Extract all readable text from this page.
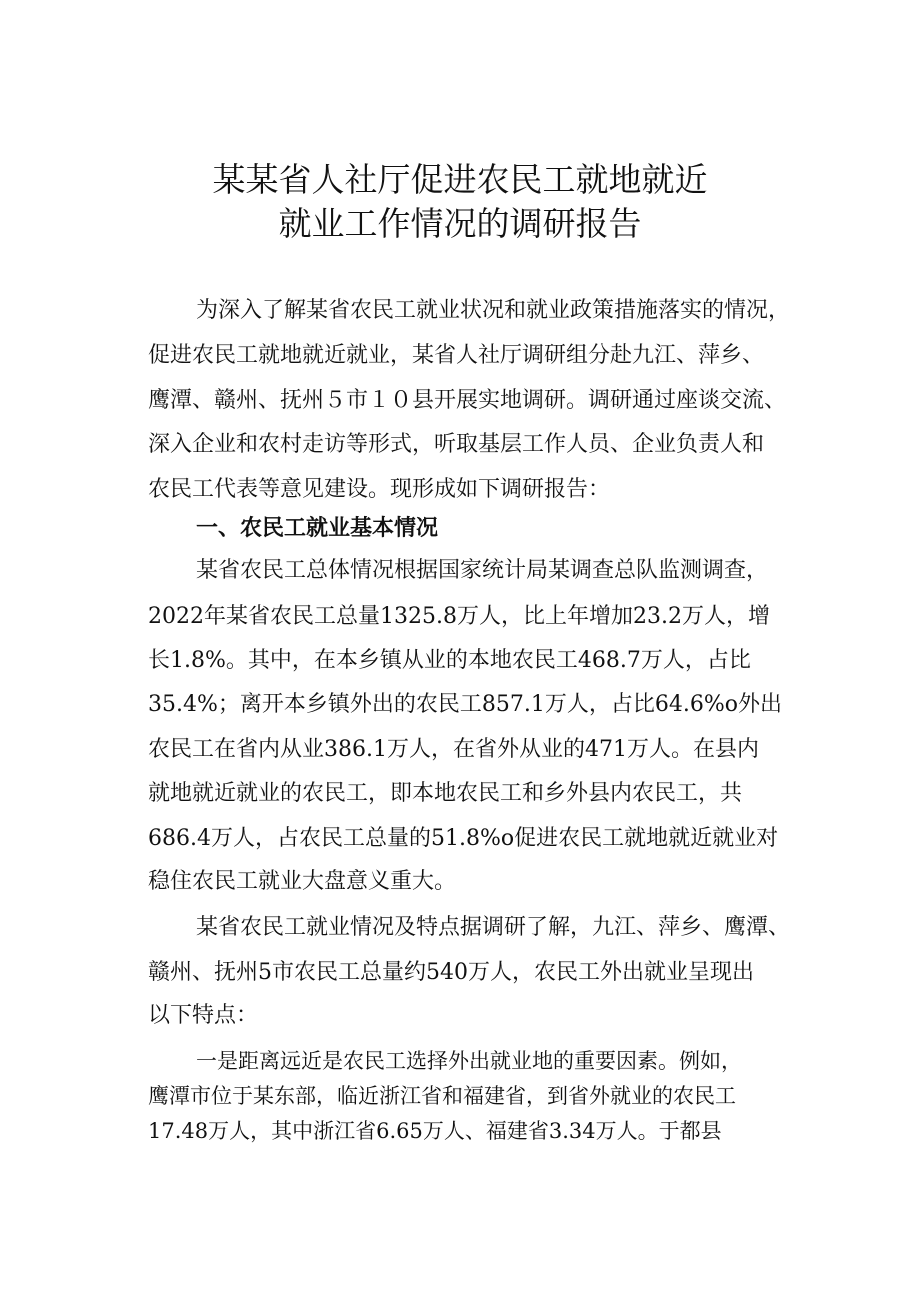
某某省人社厅促进农民工就地就近
就业工作情况的调研报告
为深入了解某省农民工就业状况和就业政策措施落实的情况，
促进农民工就地就近就业，某省人社厅调研组分赴九江、萍乡、
鹰潭、赣州、抚州５市１０县开展实地调研。调研通过座谈交流、
深入企业和农村走访等形式，听取基层工作人员、企业负责人和
农民工代表等意见建设。现形成如下调研报告：
一、农民工就业基本情况
某省农民工总体情况根据国家统计局某调查总队监测调查，
2022年某省农民工总量1325.8万人，比上年增加23.2万人，增
长1.8%。其中，在本乡镇从业的本地农民工468.7万人，占比
35.4%；离开本乡镇外出的农民工857.1万人，占比64.6%o外出
农民工在省内从业386.1万人，在省外从业的471万人。在县内
就地就近就业的农民工，即本地农民工和乡外县内农民工，共
686.4万人，占农民工总量的51.8%o促进农民工就地就近就业对
稳住农民工就业大盘意义重大。
某省农民工就业情况及特点据调研了解，九江、萍乡、鹰潭、
赣州、抚州5市农民工总量约540万人，农民工外出就业呈现出
以下特点：
一是距离远近是农民工选择外出就业地的重要因素。例如，
鹰潭市位于某东部，临近浙江省和福建省，到省外就业的农民工
17.48万人，其中浙江省6.65万人、福建省3.34万人。于都县
